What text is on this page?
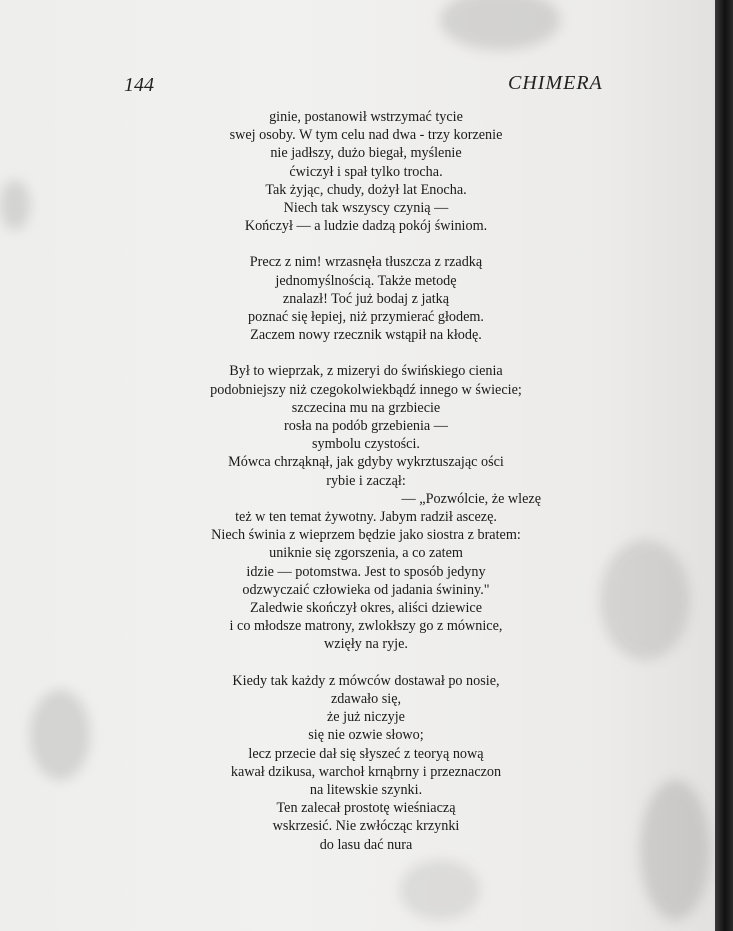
144	CHIMERA
ginie, postanowił wstrzymać tycie
swej osoby. W tym celu nad dwa - trzy korzenie
nie jadłszy, dużo biegał, myślenie
ćwiczył i spał tylko trocha.
Tak żyjąc, chudy, dożył lat Enocha.
Niech tak wszyscy czynią —
Kończył — a ludzie dadzą pokój świniom.
Precz z nim! wrzasnęła tłuszcza z rzadką
jednomyślnością. Także metodę
znalazł! Toć już bodaj z jatką
poznać się łepiej, niż przymierać głodem.
Zaczem nowy rzecznik wstąpił na kłodę.
Był to wieprzak, z mizeryi do świńskiego cienia
podobniejszy niż czegokolwiekbądź innego w świecie;
szczecina mu na grzbiecie
rosła na podób grzebienia —
symbolu czystości.
Mówca chrząknął, jak gdyby wykrztuszając ości
rybie i zaczął:
— „Pozwólcie, że wlezę
też w ten temat żywotny. Jabym radził ascezę.
Niech świnia z wieprzem będzie jako siostra z bratem:
uniknie się zgorszenia, a co zatem
idzie — potomstwa. Jest to sposób jedyny
odzwyczaić człowieka od jadania świniny."
Zaledwie skończył okres, aliści dziewice
i co młodsze matrony, zwlokłszy go z mównice,
wzięły na ryje.
Kiedy tak każdy z mówców dostawał po nosie,
zdawało się,
że już niczyje
się nie ozwie słowo;
lecz przecie dał się słyszeć z teoryą nową
kawał dzikusa, warchoł krnąbrny i przeznaczon
na litewskie szynki.
Ten zalecał prostotę wieśniaczą
wskrzesić. Nie zwłócząc krzynki
do lasu dać nura
